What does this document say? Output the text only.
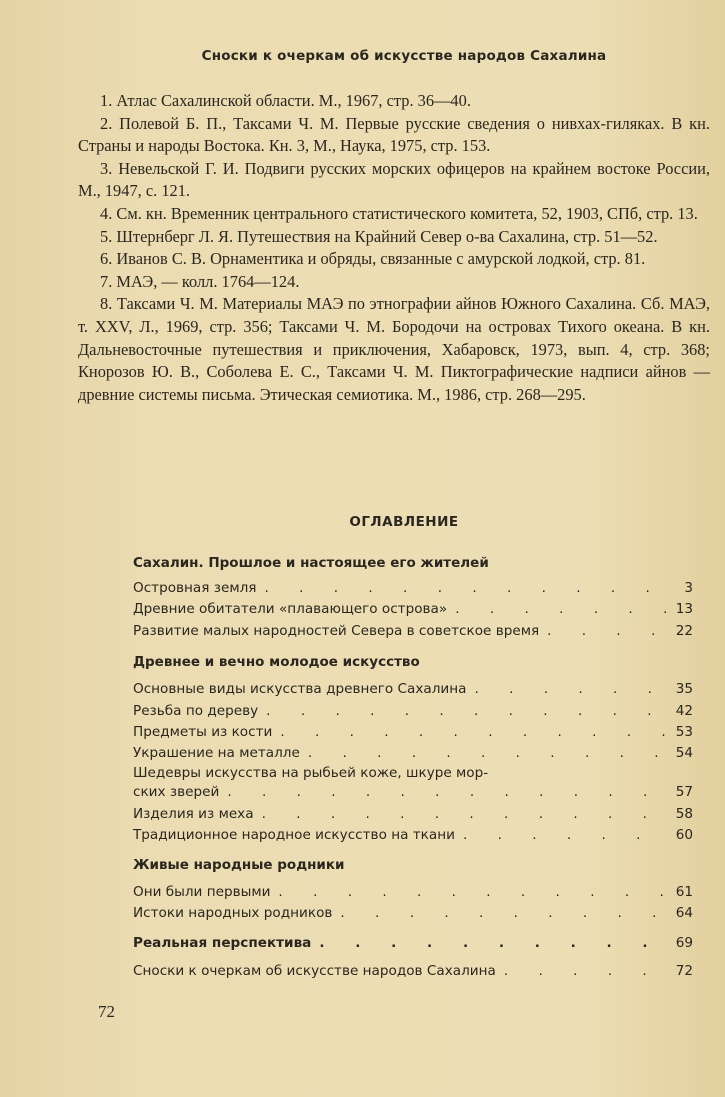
Сноски к очеркам об искусстве народов Сахалина

1. Атлас Сахалинской области. М., 1967, стр. 36—40.

2. Полевой Б. П., Таксами Ч. М. Первые русские сведения о нивхах-гиляках. В кн. Страны и народы Востока. Кн. 3, М., Наука, 1975, стр. 153.

3. Невельской Г. И. Подвиги русских морских офицеров на крайнем востоке России, М., 1947, с. 121.

4. См. кн. Временник центрального статистического комитета, 52, 1903, СПб, стр. 13.

5. Штернберг Л. Я. Путешествия на Крайний Север о-ва Сахалина, стр. 51—52.

6. Иванов С. В. Орнаментика и обряды, связанные с амурской лодкой, стр. 81.

7. МАЭ, — колл. 1764—124.

8. Таксами Ч. М. Материалы МАЭ по этнографии айнов Южного Сахалина. Сб. МАЭ, т. XXV, Л., 1969, стр. 356; Таксами Ч. М. Бородочи на островах Тихого океана. В кн. Дальневосточные путешествия и приключения, Хабаровск, 1973, вып. 4, стр. 368; Кнорозов Ю. В., Соболева Е. С., Таксами Ч. М. Пиктографические надписи айнов — древние системы письма. Этическая семиотика. М., 1986, стр. 268—295.

ОГЛАВЛЕНИЕ
Сахалин. Прошлое и настоящее его жителей
Островная земля . . .	3
Древние обитатели «плавающего острова» . . .	13
Развитие малых народностей Севера в советское время . . .	22
Древнее и вечно молодое искусство
Основные виды искусства древнего Сахалина . . .	35
Резьба по дереву . . .	42
Предметы из кости . . .	53
Украшение на металле . . .	54
Шедевры искусства на рыбьей коже, шкуре мор-
ских зверей . . .	57
Изделия из меха . . .	58
Традиционное народное искусство на ткани . . .	60
Живые народные родники
Они были первыми . . .	61
Истоки народных родников . . .	64
Реальная перспектива . . .	69
Сноски к очеркам об искусстве народов Сахалина . . .	72
72
